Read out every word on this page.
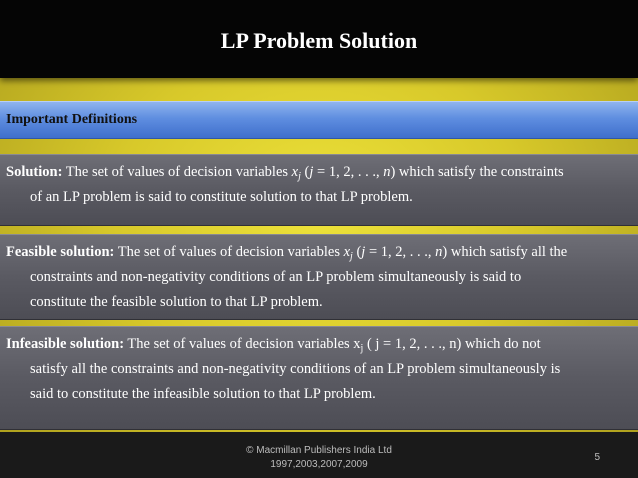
LP Problem Solution
Important Definitions

Solution: The set of values of decision variables $x_j$ (j = 1, 2, . . ., n) which satisfy the constraints

of an LP problem is said to constitute solution to that LP problem.

Feasible solution: The set of values of decision variables $x_j$ (j = 1, 2, . . ., n) which satisfy all the

constraints and non-negativity conditions of an LP problem simultaneously is said to

constitute the feasible solution to that LP problem.

Infeasible solution: The set of values of decision variables $x_j$ ( j = 1, 2, . . ., n) which do not

satisfy all the constraints and non-negativity conditions of an LP problem simultaneously is

said to constitute the infeasible solution to that LP problem.

© Macmillan Publishers India Ltd
1997,2003,2007,2009
5
